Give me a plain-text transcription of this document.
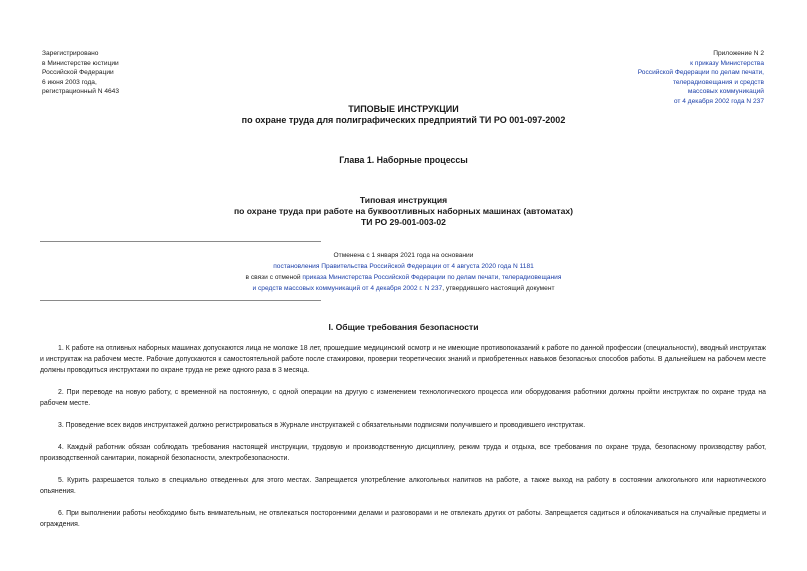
Зарегистрировано
в Министерстве юстиции
Российской Федерации
6 июня 2003 года,
регистрационный N 4643
Приложение N 2
к приказу Министерства
Российской Федерации по делам печати,
телерадиовещания и средств
массовых коммуникаций
от 4 декабря 2002 года N 237
ТИПОВЫЕ ИНСТРУКЦИИ
по охране труда для полиграфических предприятий ТИ РО 001-097-2002
Глава 1. Наборные процессы
Типовая инструкция
по охране труда при работе на буквоотливных наборных машинах (автоматах)
ТИ РО 29-001-003-02
Отменена с 1 января 2021 года на основании
постановления Правительства Российской Федерации от 4 августа 2020 года N 1181
в связи с отменой приказа Министерства Российской Федерации по делам печати, телерадиовещания
и средств массовых коммуникаций от 4 декабря 2002 г. N 237, утвердившего настоящий документ
I. Общие требования безопасности

1. К работе на отливных наборных машинах допускаются лица не моложе 18 лет, прошедшие медицинский осмотр и не имеющие противопоказаний к работе по данной профессии (специальности), вводный инструктаж и инструктаж на рабочем месте. Рабочие допускаются к самостоятельной работе после стажировки, проверки теоретических знаний и приобретенных навыков безопасных способов работы. В дальнейшем на рабочем месте должны проводиться инструктажи по охране труда не реже одного раза в 3 месяца.

2. При переводе на новую работу, с временной на постоянную, с одной операции на другую с изменением технологического процесса или оборудования работники должны пройти инструктаж по охране труда на рабочем месте.

3. Проведение всех видов инструктажей должно регистрироваться в Журнале инструктажей с обязательными подписями получившего и проводившего инструктаж.

4. Каждый работник обязан соблюдать требования настоящей инструкции, трудовую и производственную дисциплину, режим труда и отдыха, все требования по охране труда, безопасному производству работ, производственной санитарии, пожарной безопасности, электробезопасности.

5. Курить разрешается только в специально отведенных для этого местах. Запрещается употребление алкогольных напитков на работе, а также выход на работу в состоянии алкогольного или наркотического опьянения.

6. При выполнении работы необходимо быть внимательным, не отвлекаться посторонними делами и разговорами и не отвлекать других от работы. Запрещается садиться и облокачиваться на случайные предметы и ограждения.
